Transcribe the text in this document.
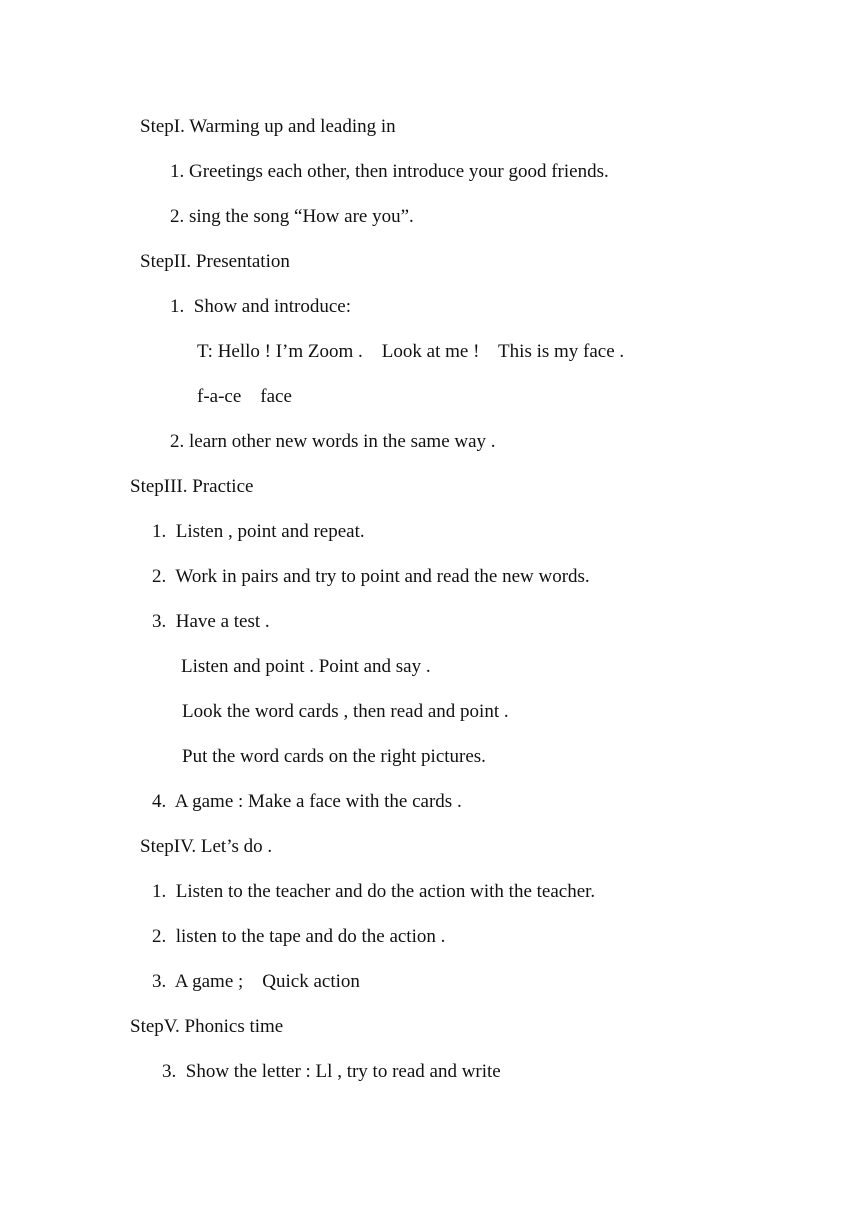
StepI. Warming up and leading in
1. Greetings each other, then introduce your good friends.
2. sing the song “How are you”.
StepII. Presentation
1.  Show and introduce:
T: Hello ! I’m Zoom .    Look at me !    This is my face .
f-a-ce    face
2. learn other new words in the same way .
StepIII. Practice
1.  Listen , point and repeat.
2.  Work in pairs and try to point and read the new words.
3.  Have a test .
Listen and point . Point and say .
Look the word cards , then read and point .
Put the word cards on the right pictures.
4.  A game : Make a face with the cards .
StepIV. Let’s do .
1.  Listen to the teacher and do the action with the teacher.
2.  listen to the tape and do the action .
3.  A game ;    Quick action
StepV. Phonics time
3.  Show the letter : Ll , try to read and write
